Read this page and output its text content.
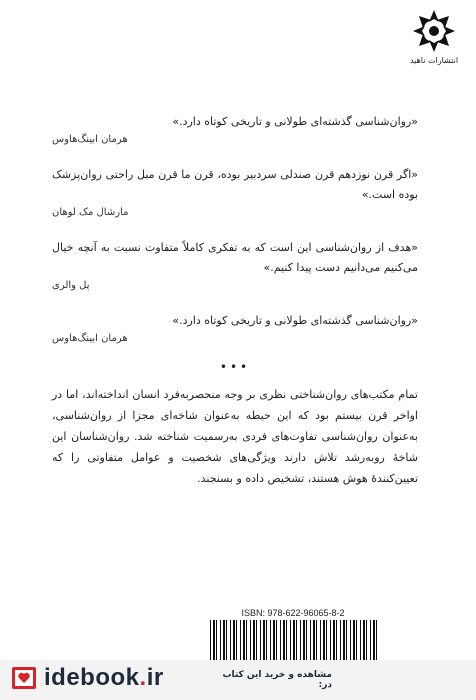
انتشارات ناهید
«روان‌شناسی گذشته‌ای طولانی و تاریخی کوتاه دارد.»
هرمان ابینگ‌هاوس
«اگر قرن نوزدهم قرن صندلی سردبیر بوده، قرن ما قرن مبل راحتی روان‌پزشک بوده است.»
مارشال مک لوهان
«هدف از روان‌شناسی این است که به تفکری کاملاً متفاوت نسبت به آنچه خیال می‌کنیم می‌دانیم دست پیدا کنیم.»
پل والری
«روان‌شناسی گذشته‌ای طولانی و تاریخی کوتاه دارد.»
هرمان ابینگ‌هاوس
•••
تمام مکتب‌های روان‌شناختی نظری بر وجه منحصربه‌فرد انسان انداخته‌اند، اما در اواخر قرن بیستم بود که این حیطه به‌عنوان شاخه‌ای مجزا از روان‌شناسی، به‌عنوان روان‌شناسی تفاوت‌های فردی به‌رسمیت شناخته شد. روان‌شناسان این شاخهٔ روبه‌رشد تلاش دارند ویژگی‌های شخصیت و عوامل متفاوتی را که تعیین‌کنندهٔ هوش هستند، تشخیص داده و بسنجند.
ISBN: 978-622-96065-8-2
idebook.ir	مشاهده و خرید این کتاب در:
